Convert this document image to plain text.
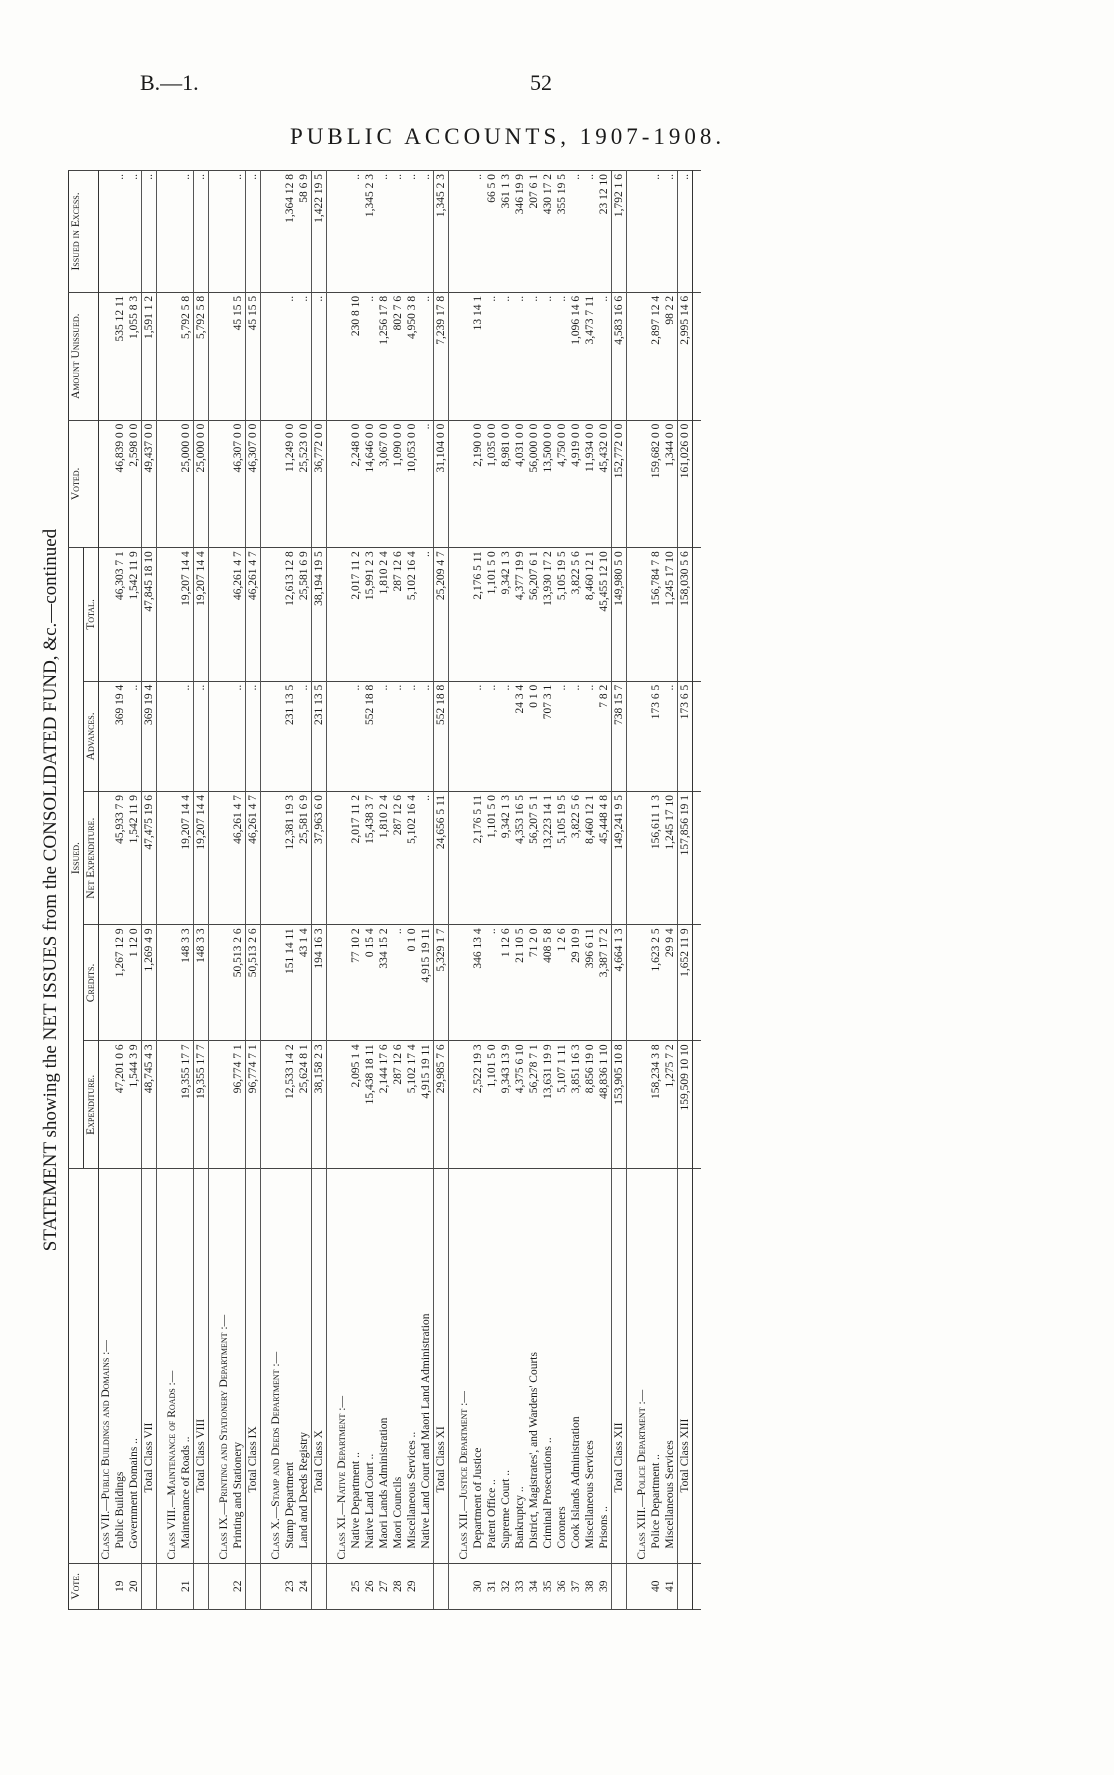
B.—1.	52
PUBLIC ACCOUNTS, 1907-1908.
STATEMENT showing the NET ISSUES from the CONSOLIDATED FUND, &c.—continued
Vote.		Issued.					Voted.	Amount Unissued.	Issued in Excess.
		Expenditure.	Credits.	Net Expenditure.	Advances.	Total.			
	Class VII.—Public Buildings and Domains :—								
19	Public Buildings	47,201 0 6	1,267 12 9	45,933 7 9	369 19 4	46,303 7 1	46,839 0 0	535 12 11	..
20	Government Domains ..	1,544 3 9	1 12 0	1,542 11 9	..	1,542 11 9	2,598 0 0	1,055 8 3	..
	Total Class VII	48,745 4 3	1,269 4 9	47,475 19 6	369 19 4	47,845 18 10	49,437 0 0	1,591 1 2	..

	Class VIII.—Maintenance of Roads :—								
21	Maintenance of Roads ..	19,355 17 7	148 3 3	19,207 14 4	..	19,207 14 4	25,000 0 0	5,792 5 8	..
	Total Class VIII	19,355 17 7	148 3 3	19,207 14 4	..	19,207 14 4	25,000 0 0	5,792 5 8	..

	Class IX.—Printing and Stationery Department :—								
22	Printing and Stationery	96,774 7 1	50,513 2 6	46,261 4 7	..	46,261 4 7	46,307 0 0	45 15 5	..
	Total Class IX	96,774 7 1	50,513 2 6	46,261 4 7	..	46,261 4 7	46,307 0 0	45 15 5	..

	Class X.—Stamp and Deeds Department :—								
23	Stamp Department	12,533 14 2	151 14 11	12,381 19 3	231 13 5	12,613 12 8	11,249 0 0	..	1,364 12 8
24	Land and Deeds Registry	25,624 8 1	43 1 4	25,581 6 9	..	25,581 6 9	25,523 0 0	..	58 6 9
	Total Class X	38,158 2 3	194 16 3	37,963 6 0	231 13 5	38,194 19 5	36,772 0 0	..	1,422 19 5

	Class XI.—Native Department :—								
25	Native Department ..	2,095 1 4	77 10 2	2,017 11 2	..	2,017 11 2	2,248 0 0	230 8 10	..
26	Native Land Court ..	15,438 18 11	0 15 4	15,438 3 7	552 18 8	15,991 2 3	14,646 0 0	..	1,345 2 3
27	Maori Lands Administration	2,144 17 6	334 15 2	1,810 2 4	..	1,810 2 4	3,067 0 0	1,256 17 8	..
28	Maori Councils	287 12 6	..	287 12 6	..	287 12 6	1,090 0 0	802 7 6	..
29	Miscellaneous Services ..	5,102 17 4	0 1 0	5,102 16 4	..	5,102 16 4	10,053 0 0	4,950 3 8	..
	Native Land Court and Maori Land Administration	4,915 19 11	4,915 19 11	..	..	..	..	..	..
	Total Class XI	29,985 7 6	5,329 1 7	24,656 5 11	552 18 8	25,209 4 7	31,104 0 0	7,239 17 8	1,345 2 3

	Class XII.—Justice Department :—								
30	Department of Justice	2,522 19 3	346 13 4	2,176 5 11	..	2,176 5 11	2,190 0 0	13 14 1	..
31	Patent Office ..	1,101 5 0	..	1,101 5 0	..	1,101 5 0	1,035 0 0	..	66 5 0
32	Supreme Court ..	9,343 13 9	1 12 6	9,342 1 3	..	9,342 1 3	8,981 0 0	..	361 1 3
33	Bankruptcy ..	4,375 6 10	21 10 5	4,353 16 5	24 3 4	4,377 19 9	4,031 0 0	..	346 19 9
34	District, Magistrates', and Wardens' Courts	56,278 7 1	71 2 0	56,207 5 1	0 1 0	56,207 6 1	56,000 0 0	..	207 6 1
35	Criminal Prosecutions ..	13,631 19 9	408 5 8	13,223 14 1	707 3 1	13,930 17 2	13,500 0 0	..	430 17 2
36	Coroners	5,107 1 11	1 2 6	5,105 19 5	..	5,105 19 5	4,750 0 0	..	355 19 5
37	Cook Islands Administration	3,851 16 3	29 10 9	3,822 5 6	..	3,822 5 6	4,919 0 0	1,096 14 6	..
38	Miscellaneous Services	8,856 19 0	396 6 11	8,460 12 1	..	8,460 12 1	11,934 0 0	3,473 7 11	..
39	Prisons ..	48,836 1 10	3,387 17 2	45,448 4 8	7 8 2	45,455 12 10	45,432 0 0	..	23 12 10
	Total Class XII	153,905 10 8	4,664 1 3	149,241 9 5	738 15 7	149,980 5 0	152,772 0 0	4,583 16 6	1,792 1 6

	Class XIII.—Police Department :—								
40	Police Department ..	158,234 3 8	1,623 2 5	156,611 1 3	173 6 5	156,784 7 8	159,682 0 0	2,897 12 4	..
41	Miscellaneous Services	1,275 7 2	29 9 4	1,245 17 10	..	1,245 17 10	1,344 0 0	98 2 2	..
	Total Class XIII	159,509 10 10	1,652 11 9	157,856 19 1	173 6 5	158,030 5 6	161,026 0 0	2,995 14 6	..
